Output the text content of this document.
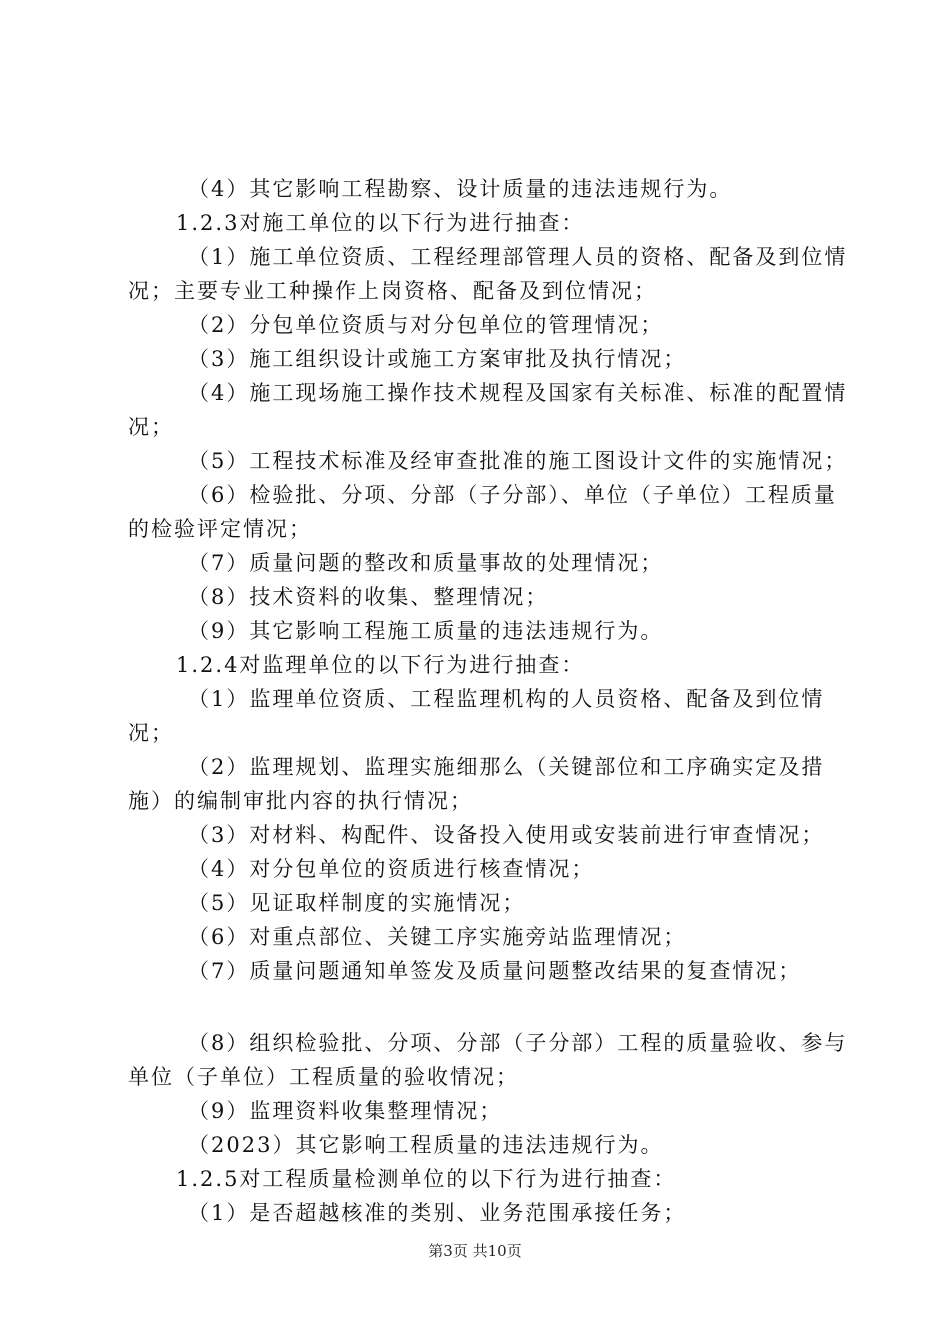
（4）其它影响工程勘察、设计质量的违法违规行为。

1.2.3对施工单位的以下行为进行抽查：

（1）施工单位资质、工程经理部管理人员的资格、配备及到位情况；主要专业工种操作上岗资格、配备及到位情况；

（2）分包单位资质与对分包单位的管理情况；

（3）施工组织设计或施工方案审批及执行情况；

（4）施工现场施工操作技术规程及国家有关标准、标准的配置情况；

（5）工程技术标准及经审查批准的施工图设计文件的实施情况；

（6）检验批、分项、分部（子分部）、单位（子单位）工程质量的检验评定情况；

（7）质量问题的整改和质量事故的处理情况；

（8）技术资料的收集、整理情况；

（9）其它影响工程施工质量的违法违规行为。

1.2.4对监理单位的以下行为进行抽查：

（1）监理单位资质、工程监理机构的人员资格、配备及到位情况；

（2）监理规划、监理实施细那么（关键部位和工序确实定及措施）的编制审批内容的执行情况；

（3）对材料、构配件、设备投入使用或安装前进行审查情况；

（4）对分包单位的资质进行核查情况；

（5）见证取样制度的实施情况；

（6）对重点部位、关键工序实施旁站监理情况；

（7）质量问题通知单签发及质量问题整改结果的复查情况；

（8）组织检验批、分项、分部（子分部）工程的质量验收、参与单位（子单位）工程质量的验收情况；

（9）监理资料收集整理情况；

（2023）其它影响工程质量的违法违规行为。

1.2.5对工程质量检测单位的以下行为进行抽查：

（1）是否超越核准的类别、业务范围承接任务；

第3页 共10页
